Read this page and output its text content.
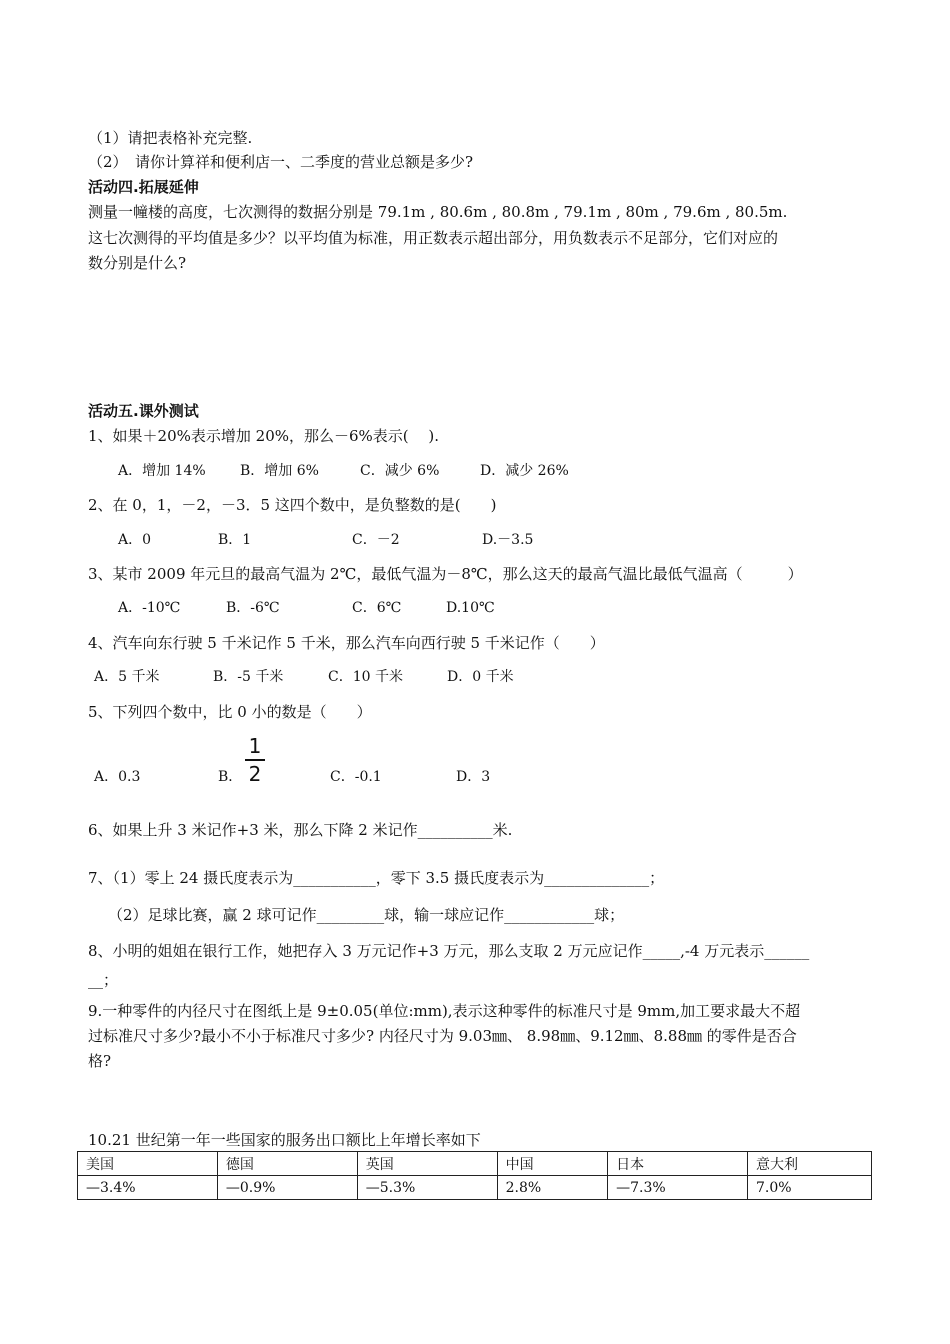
（1）请把表格补充完整.
（2）　请你计算祥和便利店一、二季度的营业总额是多少?
活动四.拓展延伸
测量一幢楼的高度，七次测得的数据分别是 79.1m , 80.6m , 80.8m , 79.1m , 80m , 79.6m , 80.5m.
这七次测得的平均值是多少？以平均值为标准，用正数表示超出部分，用负数表示不足部分，它们对应的
数分别是什么?
活动五.课外测试
1、如果＋20%表示增加 20%，那么－6%表示(　 ).
A．增加 14% B．增加 6%	C．减少 6%	D．减少 26%
2、在 0，1，－2，－3．5 这四个数中，是负整数的是(　　)
A．0	B．1	C．－2	D.－3.5
3、某市 2009 年元旦的最高气温为 2℃，最低气温为－8℃，那么这天的最高气温比最低气温高（　　　）
A．-10℃	B．-6℃	C．6℃	D.10℃
4、汽车向东行驶 5 千米记作 5 千米，那么汽车向西行驶 5 千米记作（　　）
A．5 千米	B．-5 千米	C．10 千米	D．0 千米
5、下列四个数中，比 0 小的数是（　　）
A．0.3	B．
1
2	C．-0.1	D．3
6、如果上升 3 米记作+3 米，那么下降 2 米记作__________米.
7、（1）零上 24 摄氏度表示为___________，零下 3.5 摄氏度表示为______________；
（2）足球比赛，赢 2 球可记作_________球，输一球应记作____________球；
8、小明的姐姐在银行工作，她把存入 3 万元记作+3 万元，那么支取 2 万元应记作_____,-4 万元表示______
__；
9.一种零件的内径尺寸在图纸上是 9±0.05(单位:mm),表示这种零件的标准尺寸是 9mm,加工要求最大不超
过标准尺寸多少?最小不小于标准尺寸多少? 内径尺寸为 9.03㎜、 8.98㎜、9.12㎜、8.88㎜ 的零件是否合
格?
10.21 世纪第一年一些国家的服务出口额比上年增长率如下
美国	德国	英国	中国	日本	意大利
—3.4%	—0.9%	—5.3%	2.8%	—7.3%	7.0%
